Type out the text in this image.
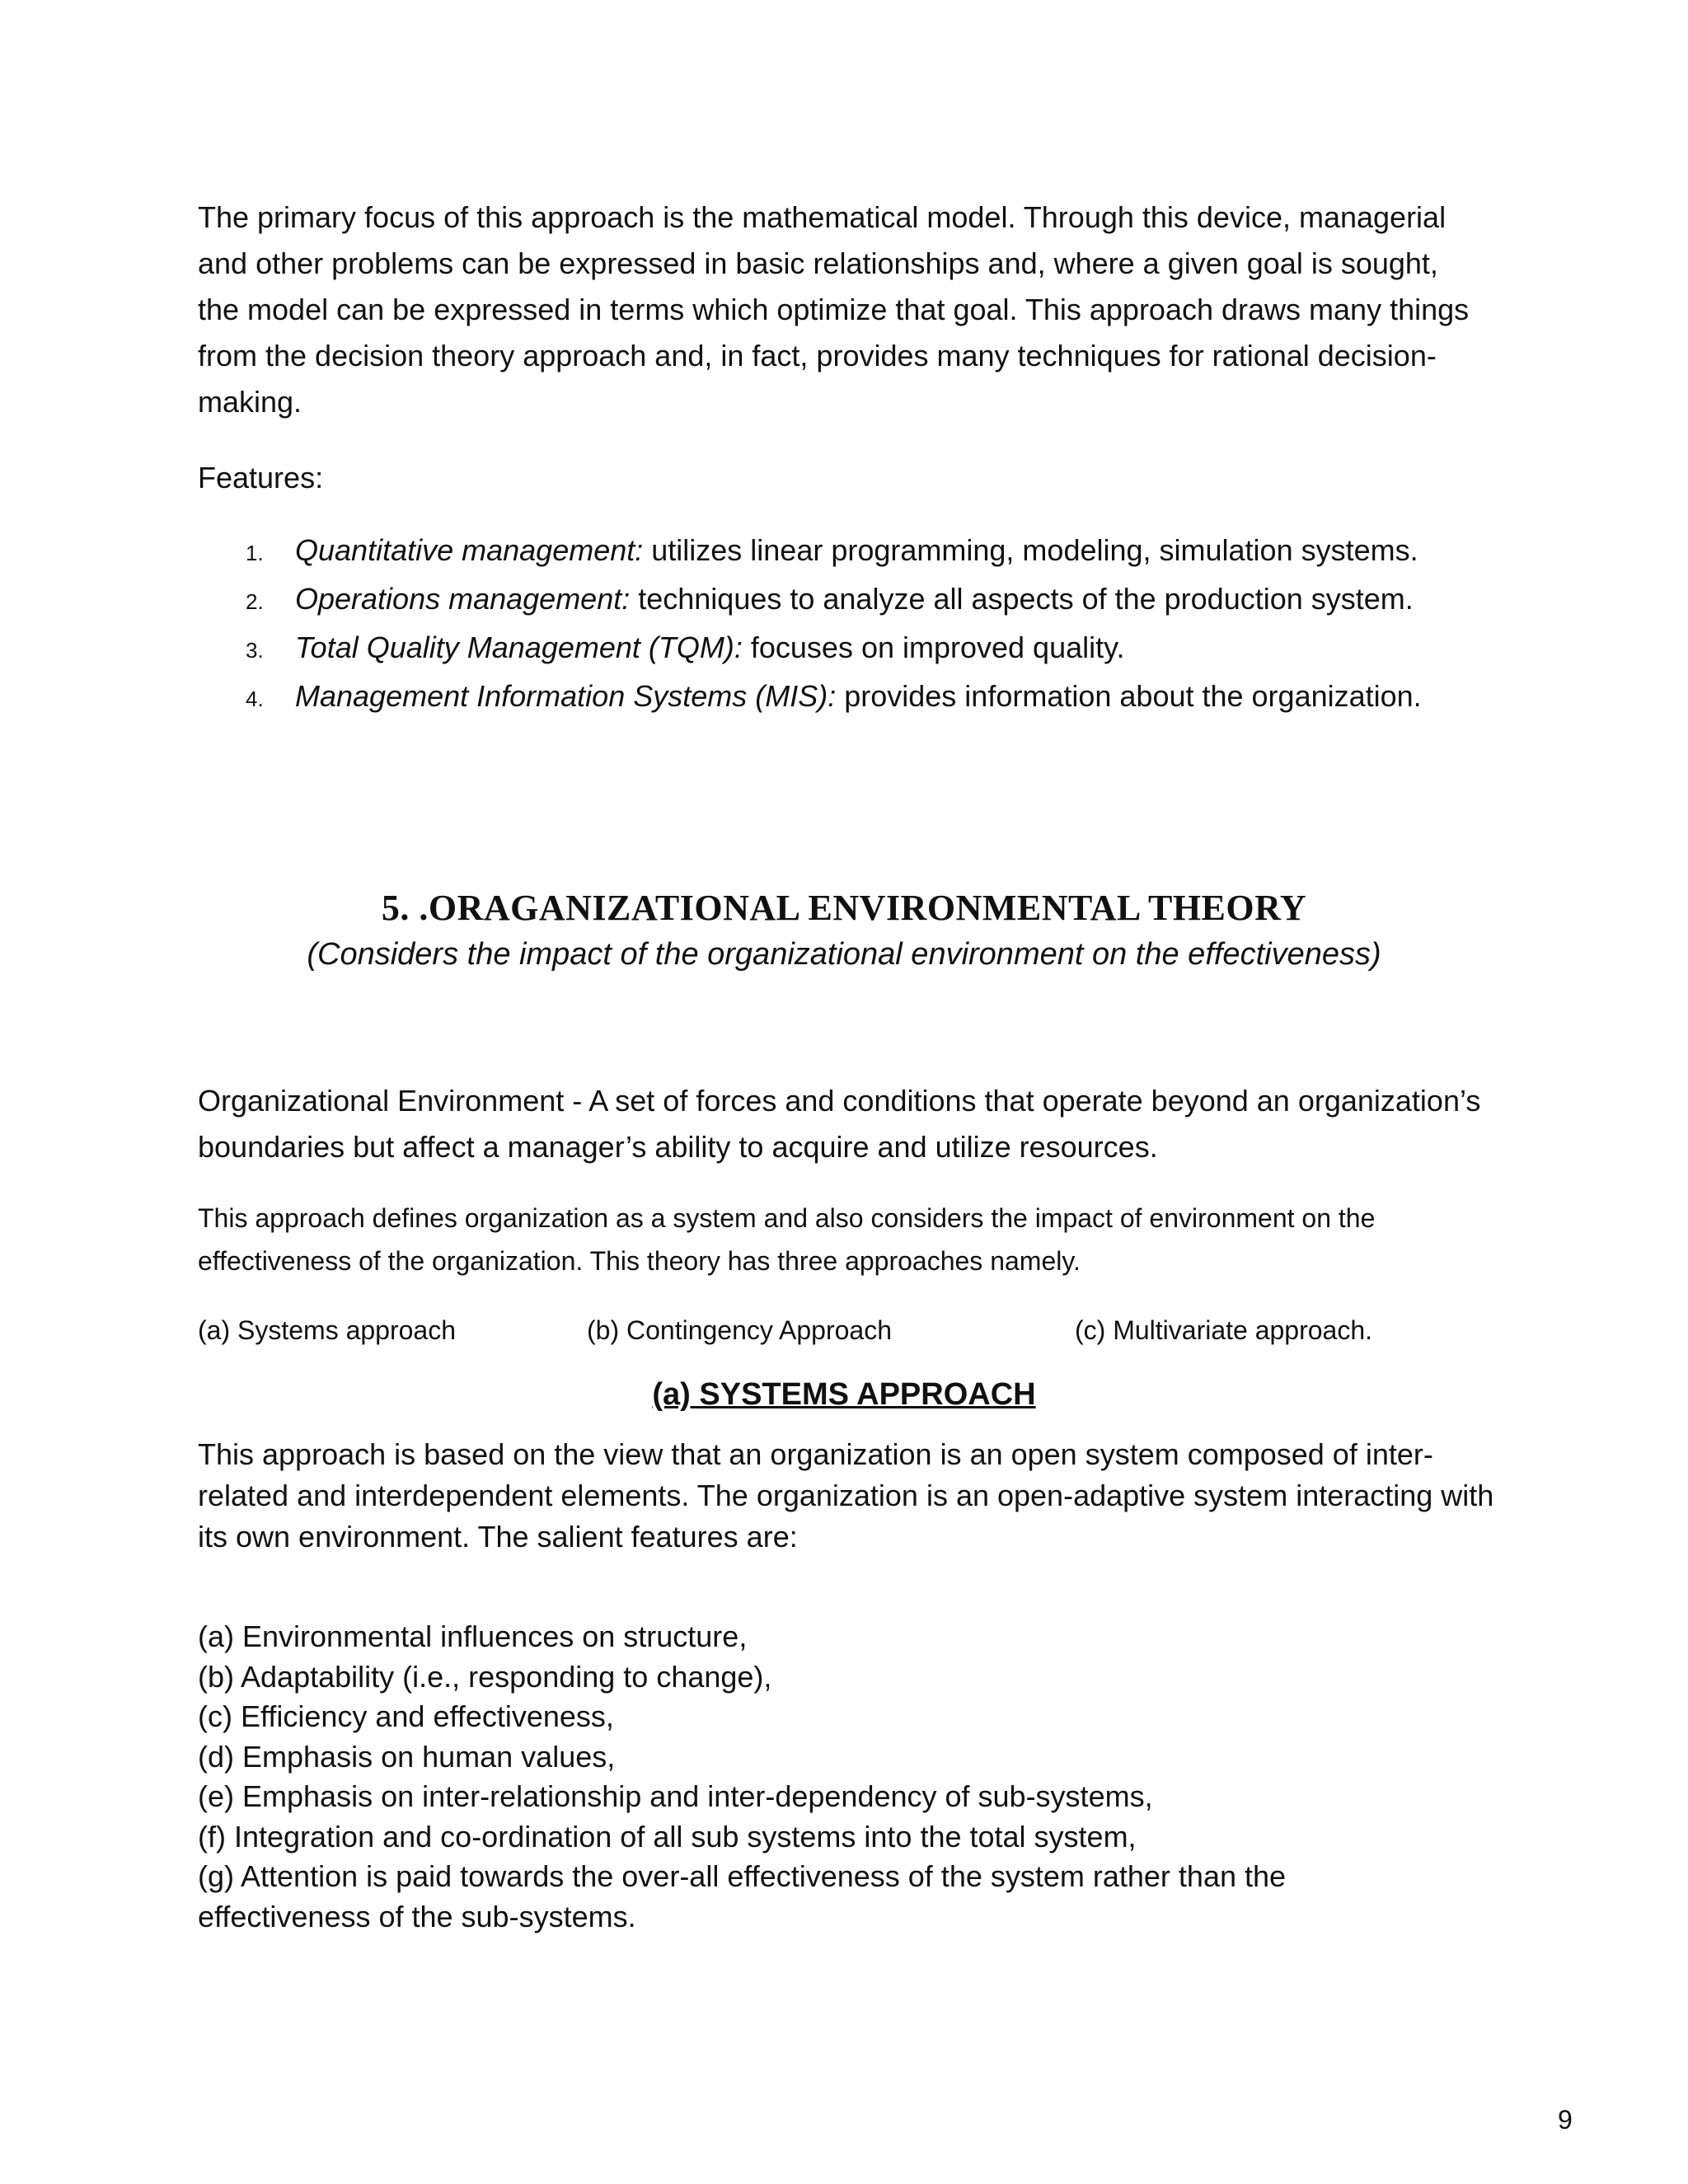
The primary focus of this approach is the mathematical model. Through this device, managerial and other problems can be expressed in basic relationships and, where a given goal is sought, the model can be expressed in terms which optimize that goal. This approach draws many things from the decision theory approach and, in fact, provides many techniques for rational decision-making.

Features:

1.	Quantitative management: utilizes linear programming, modeling, simulation systems.
2.	Operations management: techniques to analyze all aspects of the production system.
3.	Total Quality Management (TQM): focuses on improved quality.
4.	Management Information Systems (MIS): provides information about the organization.
5. .ORAGANIZATIONAL ENVIRONMENTAL THEORY
(Considers the impact of the organizational environment on the effectiveness)

Organizational Environment - A set of forces and conditions that operate beyond an organization’s boundaries but affect a manager’s ability to acquire and utilize resources.

This approach defines organization as a system and also considers the impact of environment on the effectiveness of the organization. This theory has three approaches namely.

(a) Systems approach	(b) Contingency Approach	(c) Multivariate approach.
(a) SYSTEMS APPROACH

This approach is based on the view that an organization is an open system composed of inter-related and interdependent elements. The organization is an open-adaptive system interacting with its own environment. The salient features are:

(a) Environmental influences on structure,
(b) Adaptability (i.e., responding to change),
(c) Efficiency and effectiveness,
(d) Emphasis on human values,
(e) Emphasis on inter-relationship and inter-dependency of sub-systems,
(f) Integration and co-ordination of all sub systems into the total system,
(g) Attention is paid towards the over-all effectiveness of the system rather than the effectiveness of the sub-systems.
9
